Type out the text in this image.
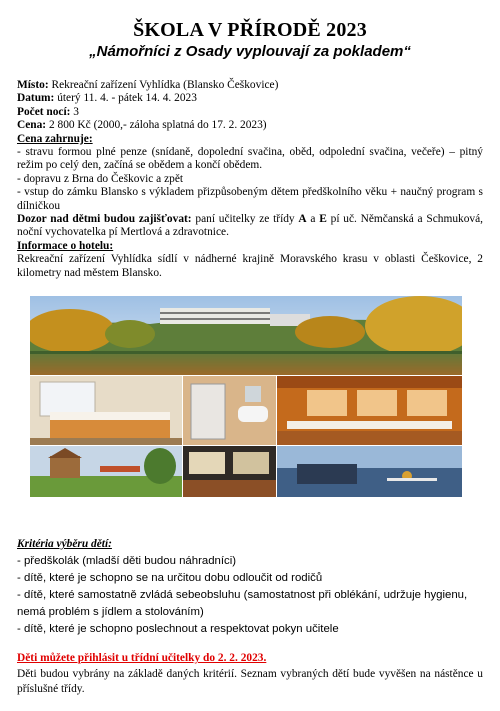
ŠKOLA V PŘÍRODĚ 2023
„Námořníci z Osady vyplouvají za pokladem“

Místo: Rekreační zařízení Vyhlídka (Blansko Češkovice)

Datum: úterý 11. 4. - pátek 14. 4. 2023

Počet nocí: 3

Cena: 2 800 Kč (2000,- záloha splatná do 17. 2. 2023)

Cena zahrnuje:

- stravu formou plné penze (snídaně, dopolední svačina, oběd, odpolední svačina, večeře) – pitný režim po celý den, začíná se obědem a končí obědem.

- dopravu z Brna do Češkovic a zpět

- vstup do zámku Blansko s výkladem přizpůsobeným dětem předškolního věku + naučný program s dílničkou

Dozor nad dětmi budou zajišťovat: paní učitelky ze třídy A a E pí uč. Němčanská a Schmuková, noční vychovatelka pí Mertlová a zdravotnice.

Informace o hotelu:

Rekreační zařízení Vyhlídka sídlí v nádherné krajině Moravského krasu v oblasti Češkovice, 2 kilometry nad městem Blansko.

Kritéria výběru dětí:

- předškolák (mladší děti budou náhradníci)

- dítě, které je schopno se na určitou dobu odloučit od rodičů

- dítě, které samostatně zvládá sebeobsluhu (samostatnost při oblékání, udržuje hygienu, nemá problém s jídlem a stolováním)

- dítě, které je schopno poslechnout a respektovat pokyn učitele

Děti můžete přihlásit u třídní učitelky do 2. 2. 2023.

Děti budou vybrány na základě daných kritérií. Seznam vybraných dětí bude vyvěšen na nástěnce u příslušné třídy.
